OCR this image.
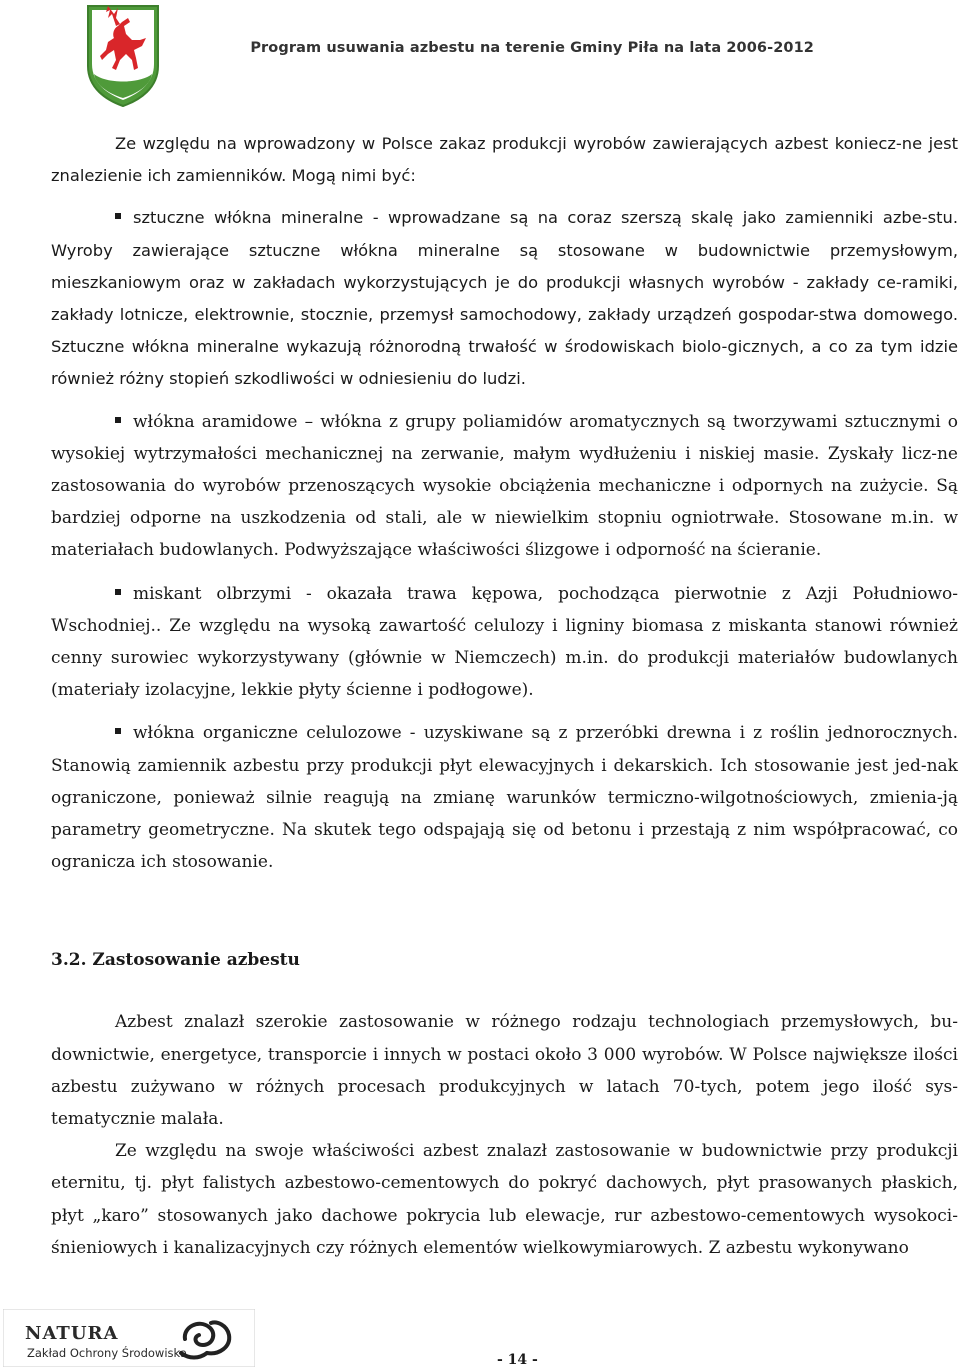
Program usuwania azbestu na terenie Gminy Piła na lata 2006-2012

Ze względu na wprowadzony w Polsce zakaz produkcji wyrobów zawierających azbest koniecz-ne jest znalezienie ich zamienników. Mogą nimi być:

sztuczne włókna mineralne - wprowadzane są na coraz szerszą skalę jako zamienniki azbe-stu. Wyroby zawierające sztuczne włókna mineralne są stosowane w budownictwie przemysłowym, mieszkaniowym oraz w zakładach wykorzystujących je do produkcji własnych wyrobów - zakłady ce-ramiki, zakłady lotnicze, elektrownie, stocznie, przemysł samochodowy, zakłady urządzeń gospodar-stwa domowego. Sztuczne włókna mineralne wykazują różnorodną trwałość w środowiskach biolo-gicznych, a co za tym idzie również różny stopień szkodliwości w odniesieniu do ludzi.

włókna aramidowe – włókna z grupy poliamidów aromatycznych są tworzywami sztucznymi o wysokiej wytrzymałości mechanicznej na zerwanie, małym wydłużeniu i niskiej masie. Zyskały licz-ne zastosowania do wyrobów przenoszących wysokie obciążenia mechaniczne i odpornych na zużycie. Są bardziej odporne na uszkodzenia od stali, ale w niewielkim stopniu ogniotrwałe. Stosowane m.in. w materiałach budowlanych. Podwyższające właściwości ślizgowe i odporność na ścieranie.

miskant olbrzymi - okazała trawa kępowa, pochodząca pierwotnie z Azji Południowo-Wschodniej.. Ze względu na wysoką zawartość celulozy i ligniny biomasa z miskanta stanowi również cenny surowiec wykorzystywany (głównie w Niemczech) m.in. do produkcji materiałów budowlanych (materiały izolacyjne, lekkie płyty ścienne i podłogowe).

włókna organiczne celulozowe - uzyskiwane są z przeróbki drewna i z roślin jednorocznych. Stanowią zamiennik azbestu przy produkcji płyt elewacyjnych i dekarskich. Ich stosowanie jest jed-nak ograniczone, ponieważ silnie reagują na zmianę warunków termiczno-wilgotnościowych, zmienia-ją parametry geometryczne. Na skutek tego odspajają się od betonu i przestają z nim współpracować, co ogranicza ich stosowanie.

3.2. Zastosowanie azbestu

Azbest znalazł szerokie zastosowanie w różnego rodzaju technologiach przemysłowych, bu-downictwie, energetyce, transporcie i innych w postaci około 3 000 wyrobów. W Polsce największe ilości azbestu zużywano w różnych procesach produkcyjnych w latach 70-tych, potem jego ilość sys-tematycznie malała.

Ze względu na swoje właściwości azbest znalazł zastosowanie w budownictwie przy produkcji eternitu, tj. płyt falistych azbestowo-cementowych do pokryć dachowych, płyt prasowanych płaskich, płyt „karo” stosowanych jako dachowe pokrycia lub elewacje, rur azbestowo-cementowych wysokoci-śnieniowych i kanalizacyjnych czy różnych elementów wielkowymiarowych. Z azbestu wykonywano

NATURA
Zakład Ochrony Środowiska	- 14 -
